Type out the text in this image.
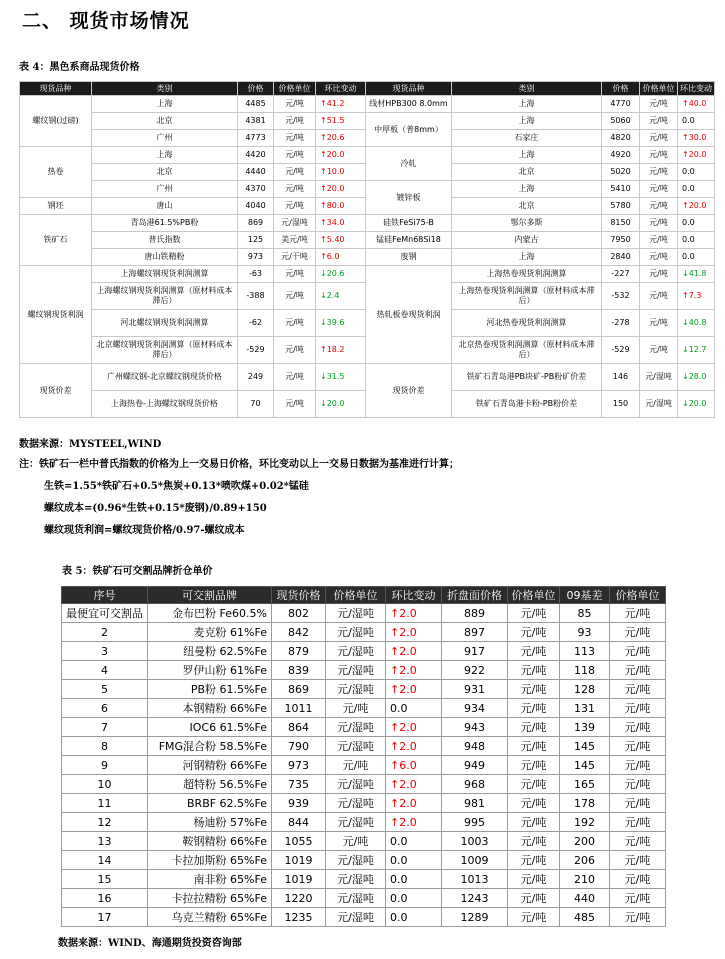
二、 现货市场情况
表 4：黑色系商品现货价格
现货品种	类别	价格	价格单位	环比变动	现货品种	类别	价格	价格单位	环比变动
螺纹钢(过磅)	上海	4485	元/吨	↑41.2	线材HPB300 8.0mm	上海	4770	元/吨	↑40.0
	北京	4381	元/吨	↑51.5	中厚板（普8mm）	上海	5060	元/吨	0.0
	广州	4773	元/吨	↑20.6		石家庄	4820	元/吨	↑30.0
热卷	上海	4420	元/吨	↑20.0	冷轧	上海	4920	元/吨	↑20.0
	北京	4440	元/吨	↑10.0		北京	5020	元/吨	0.0
	广州	4370	元/吨	↑20.0	镀锌板	上海	5410	元/吨	0.0
钢坯	唐山	4040	元/吨	↑80.0		北京	5780	元/吨	↑20.0
铁矿石	青岛港61.5%PB粉	869	元/湿吨	↑34.0	硅铁FeSi75-B	鄂尔多斯	8150	元/吨	0.0
	普氏指数	125	美元/吨	↑5.40	锰硅FeMn68Si18	内蒙古	7950	元/吨	0.0
	唐山铁精粉	973	元/干吨	↑6.0	废钢	上海	2840	元/吨	0.0
螺纹钢现货利润	上海螺纹钢现货利润测算	-63	元/吨	↓20.6	热轧板卷现货利润	上海热卷现货利润测算	-227	元/吨	↓41.8
	上海螺纹钢现货利润测算（原材料成本滞后）	-388	元/吨	↓2.4		上海热卷现货利润测算（原材料成本滞后）	-532	元/吨	↑7.3
	河北螺纹钢现货利润测算	-62	元/吨	↓39.6		河北热卷现货利润测算	-278	元/吨	↓40.8
	北京螺纹钢现货利润测算（原材料成本滞后）	-529	元/吨	↑18.2		北京热卷现货利润测算（原材料成本滞后）	-529	元/吨	↓12.7
现货价差	广州螺纹钢-北京螺纹钢现货价格	249	元/吨	↓31.5	现货价差	铁矿石青岛港PB块矿-PB粉矿价差	146	元/湿吨	↓28.0
	上海热卷-上海螺纹钢现货价格	70	元/吨	↓20.0		铁矿石青岛港卡粉-PB粉价差	150	元/湿吨	↓20.0
数据来源：MYSTEEL,WIND
注：铁矿石一栏中普氏指数的价格为上一交易日价格，环比变动以上一交易日数据为基准进行计算；
生铁=1.55*铁矿石+0.5*焦炭+0.13*喷吹煤+0.02*锰硅
螺纹成本=(0.96*生铁+0.15*废钢)/0.89+150
螺纹现货利润=螺纹现货价格/0.97-螺纹成本
表 5：铁矿石可交割品牌折仓单价
序号	可交割品牌	现货价格	价格单位	环比变动	折盘面价格	价格单位	09基差	价格单位
最便宜可交割品	金布巴粉 Fe60.5%	802	元/湿吨	↑2.0	889	元/吨	85	元/吨
2	麦克粉 61%Fe	842	元/湿吨	↑2.0	897	元/吨	93	元/吨
3	纽曼粉 62.5%Fe	879	元/湿吨	↑2.0	917	元/吨	113	元/吨
4	罗伊山粉 61%Fe	839	元/湿吨	↑2.0	922	元/吨	118	元/吨
5	PB粉 61.5%Fe	869	元/湿吨	↑2.0	931	元/吨	128	元/吨
6	本钢精粉 66%Fe	1011	元/吨	0.0	934	元/吨	131	元/吨
7	IOC6 61.5%Fe	864	元/湿吨	↑2.0	943	元/吨	139	元/吨
8	FMG混合粉 58.5%Fe	790	元/湿吨	↑2.0	948	元/吨	145	元/吨
9	河钢精粉 66%Fe	973	元/吨	↑6.0	949	元/吨	145	元/吨
10	超特粉 56.5%Fe	735	元/湿吨	↑2.0	968	元/吨	165	元/吨
11	BRBF 62.5%Fe	939	元/湿吨	↑2.0	981	元/吨	178	元/吨
12	杨迪粉 57%Fe	844	元/湿吨	↑2.0	995	元/吨	192	元/吨
13	鞍钢精粉 66%Fe	1055	元/吨	0.0	1003	元/吨	200	元/吨
14	卡拉加斯粉 65%Fe	1019	元/湿吨	0.0	1009	元/吨	206	元/吨
15	南非粉 65%Fe	1019	元/湿吨	0.0	1013	元/吨	210	元/吨
16	卡拉拉精粉 65%Fe	1220	元/湿吨	0.0	1243	元/吨	440	元/吨
17	乌克兰精粉 65%Fe	1235	元/湿吨	0.0	1289	元/吨	485	元/吨
数据来源：WIND、海通期货投资咨询部
